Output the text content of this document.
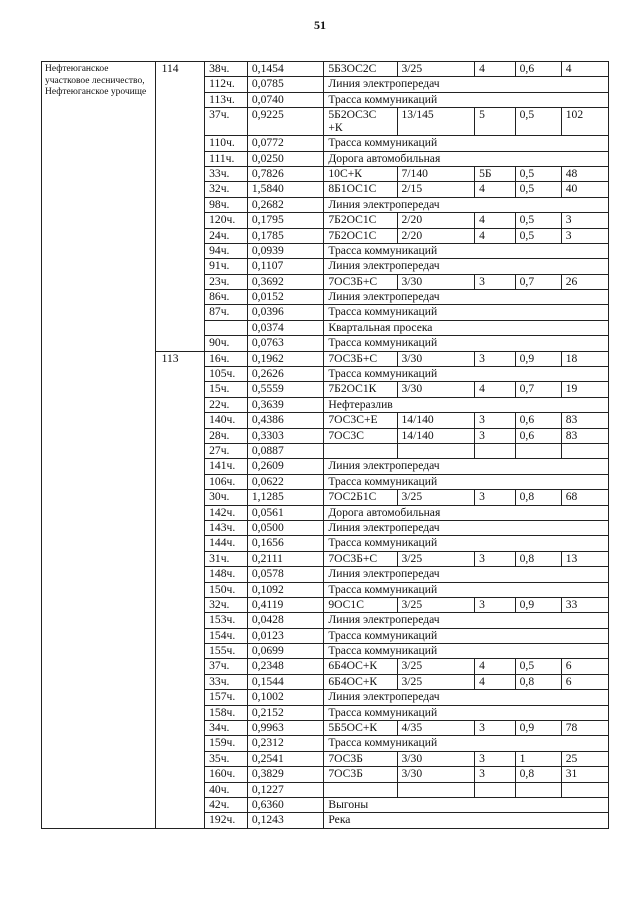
51
Нефтеюганское участковое лесничество, Нефтеюганское урочище	114	38ч.	0,1454	5Б3ОС2С	3/25	4	0,6	4
		112ч.	0,0785	Линия электропередач				
		113ч.	0,0740	Трасса коммуникаций				
		37ч.	0,9225	5Б2ОС3С +К	13/145	5	0,5	102
		110ч.	0,0772	Трасса коммуникаций				
		111ч.	0,0250	Дорога автомобильная				
		33ч.	0,7826	10С+К	7/140	5Б	0,5	48
		32ч.	1,5840	8Б1ОС1С	2/15	4	0,5	40
		98ч.	0,2682	Линия электропередач				
		120ч.	0,1795	7Б2ОС1С	2/20	4	0,5	3
		24ч.	0,1785	7Б2ОС1С	2/20	4	0,5	3
		94ч.	0,0939	Трасса коммуникаций				
		91ч.	0,1107	Линия электропередач				
		23ч.	0,3692	7ОС3Б+С	3/30	3	0,7	26
		86ч.	0,0152	Линия электропередач				
		87ч.	0,0396	Трасса коммуникаций				
			0,0374	Квартальная просека				
		90ч.	0,0763	Трасса коммуникаций				
	113	16ч.	0,1962	7ОС3Б+С	3/30	3	0,9	18
		105ч.	0,2626	Трасса коммуникаций				
		15ч.	0,5559	7Б2ОС1К	3/30	4	0,7	19
		22ч.	0,3639	Нефтеразлив				
		140ч.	0,4386	7ОС3С+Е	14/140	3	0,6	83
		28ч.	0,3303	7ОС3С	14/140	3	0,6	83
		27ч.	0,0887					
		141ч.	0,2609	Линия электропередач				
		106ч.	0,0622	Трасса коммуникаций				
		30ч.	1,1285	7ОС2Б1С	3/25	3	0,8	68
		142ч.	0,0561	Дорога автомобильная				
		143ч.	0,0500	Линия электропередач				
		144ч.	0,1656	Трасса коммуникаций				
		31ч.	0,2111	7ОС3Б+С	3/25	3	0,8	13
		148ч.	0,0578	Линия электропередач				
		150ч.	0,1092	Трасса коммуникаций				
		32ч.	0,4119	9ОС1С	3/25	3	0,9	33
		153ч.	0,0428	Линия электропередач				
		154ч.	0,0123	Трасса коммуникаций				
		155ч.	0,0699	Трасса коммуникаций				
		37ч.	0,2348	6Б4ОС+К	3/25	4	0,5	6
		33ч.	0,1544	6Б4ОС+К	3/25	4	0,8	6
		157ч.	0,1002	Линия электропередач				
		158ч.	0,2152	Трасса коммуникаций				
		34ч.	0,9963	5Б5ОС+К	4/35	3	0,9	78
		159ч.	0,2312	Трасса коммуникаций				
		35ч.	0,2541	7ОС3Б	3/30	3	1	25
		160ч.	0,3829	7ОС3Б	3/30	3	0,8	31
		40ч.	0,1227					
		42ч.	0,6360	Выгоны				
		192ч.	0,1243	Река				
